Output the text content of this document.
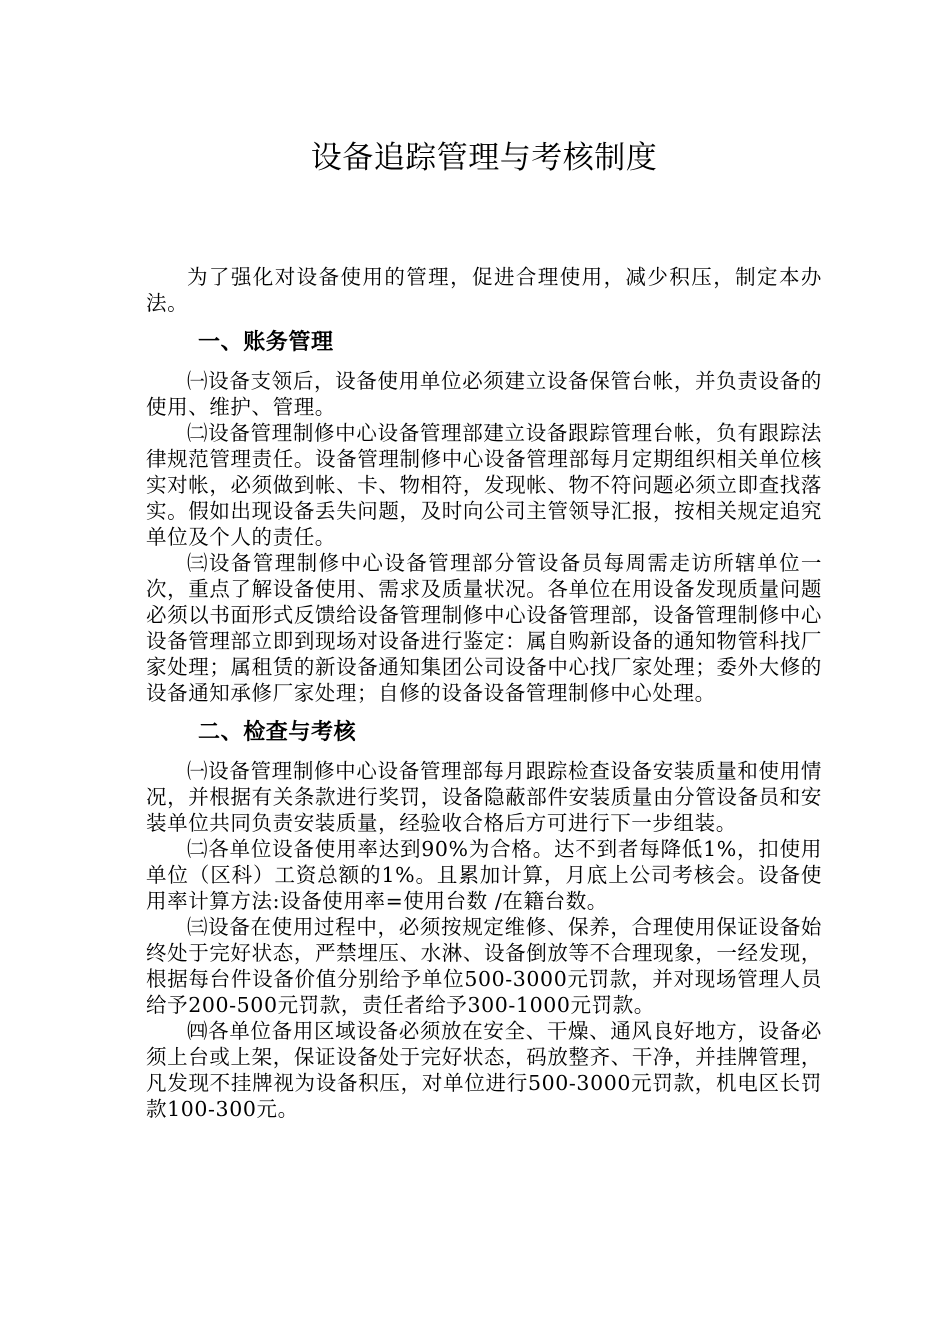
设备追踪管理与考核制度

为了强化对设备使用的管理，促进合理使用，减少积压，制定本办法。

一、账务管理

㈠设备支领后，设备使用单位必须建立设备保管台帐，并负责设备的使用、维护、管理。

㈡设备管理制修中心设备管理部建立设备跟踪管理台帐，负有跟踪法律规范管理责任。设备管理制修中心设备管理部每月定期组织相关单位核实对帐，必须做到帐、卡、物相符，发现帐、物不符问题必须立即查找落实。假如出现设备丢失问题，及时向公司主管领导汇报，按相关规定追究单位及个人的责任。

㈢设备管理制修中心设备管理部分管设备员每周需走访所辖单位一次，重点了解设备使用、需求及质量状况。各单位在用设备发现质量问题必须以书面形式反馈给设备管理制修中心设备管理部，设备管理制修中心设备管理部立即到现场对设备进行鉴定：属自购新设备的通知物管科找厂家处理；属租赁的新设备通知集团公司设备中心找厂家处理；委外大修的设备通知承修厂家处理；自修的设备设备管理制修中心处理。

二、检查与考核

㈠设备管理制修中心设备管理部每月跟踪检查设备安装质量和使用情况，并根据有关条款进行奖罚，设备隐蔽部件安装质量由分管设备员和安装单位共同负责安装质量，经验收合格后方可进行下一步组装。

㈡各单位设备使用率达到90%为合格。达不到者每降低1%，扣使用单位（区科）工资总额的1%。且累加计算，月底上公司考核会。设备使用率计算方法:设备使用率=使用台数 /在籍台数。

㈢设备在使用过程中，必须按规定维修、保养，合理使用保证设备始终处于完好状态，严禁埋压、水淋、设备倒放等不合理现象，一经发现，根据每台件设备价值分别给予单位500-3000元罚款，并对现场管理人员给予200-500元罚款，责任者给予300-1000元罚款。

㈣各单位备用区域设备必须放在安全、干燥、通风良好地方，设备必须上台或上架，保证设备处于完好状态，码放整齐、干净，并挂牌管理，凡发现不挂牌视为设备积压，对单位进行500-3000元罚款，机电区长罚款100-300元。
